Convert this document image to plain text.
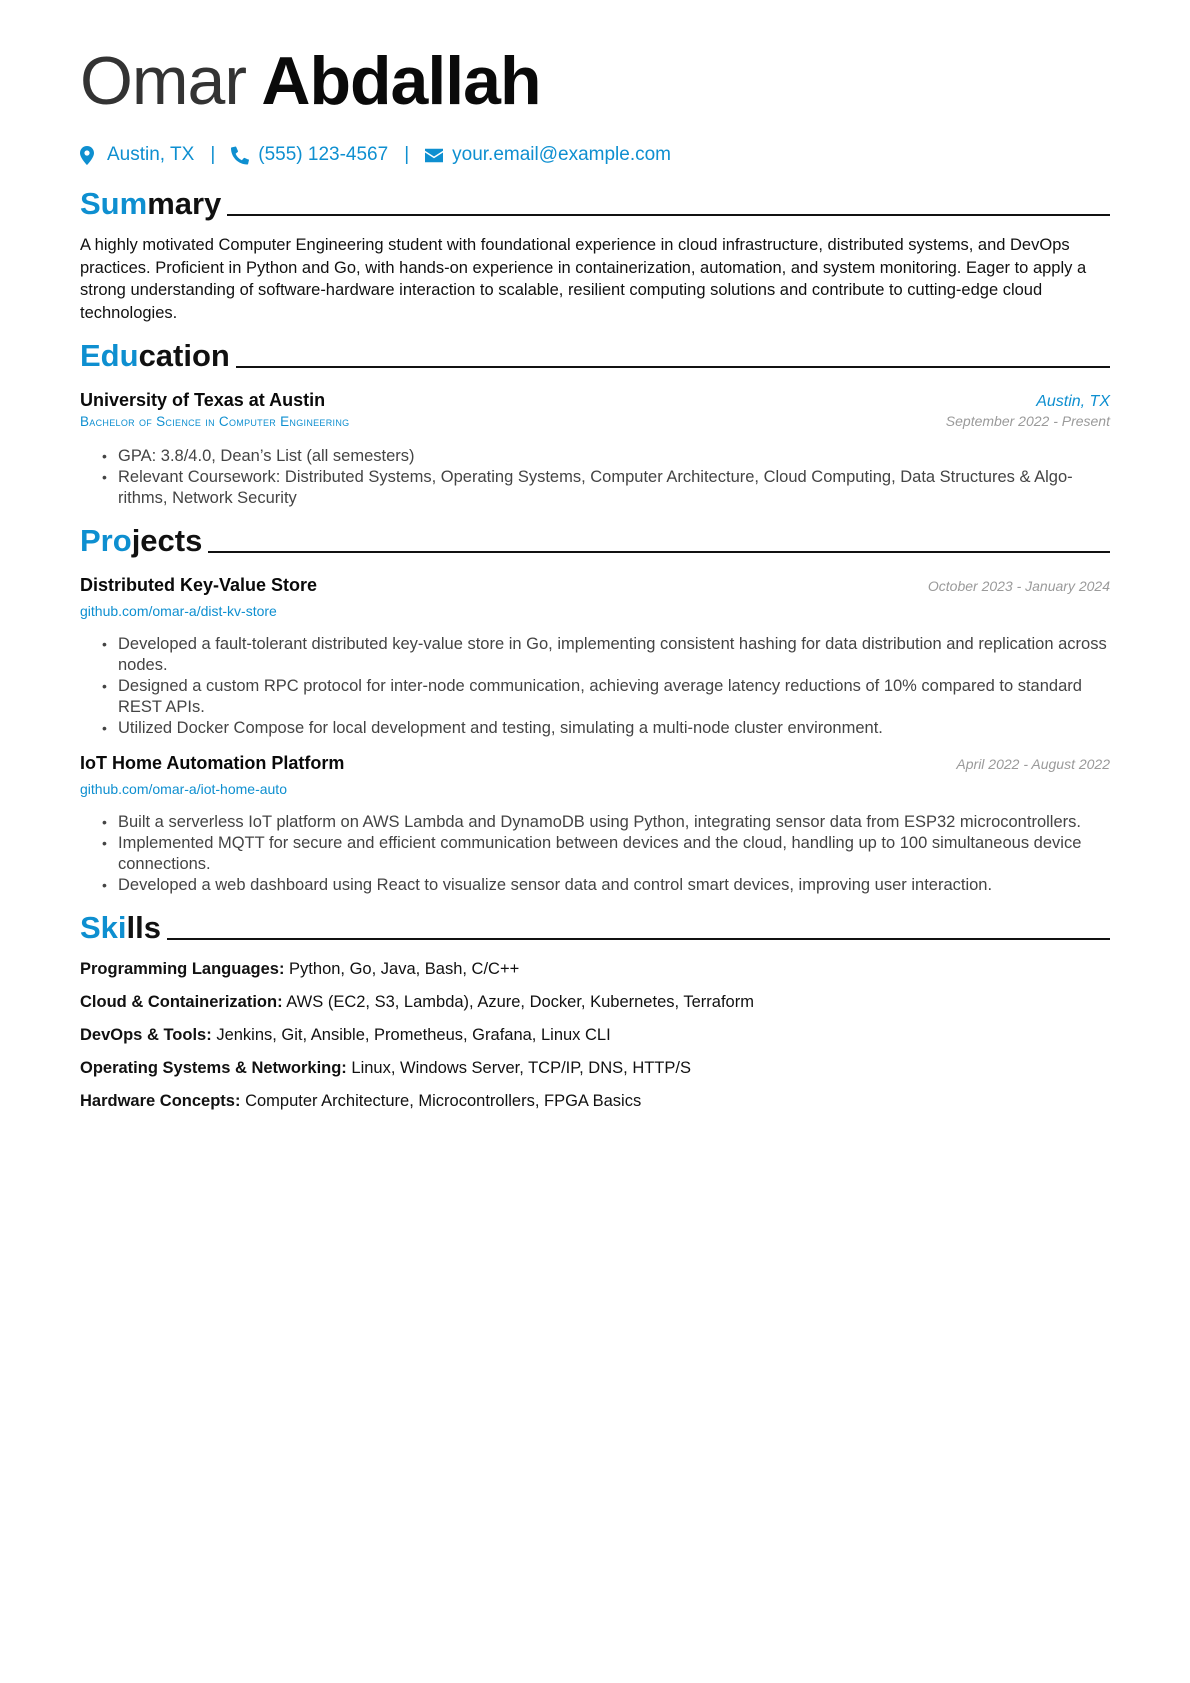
Omar Abdallah
Austin, TX | (555) 123-4567 | your.email@example.com
Summary

A highly motivated Computer Engineering student with foundational experience in cloud infrastructure, distributed systems, and DevOps practices. Proficient in Python and Go, with hands-on experience in containerization, automation, and system monitoring. Eager to apply a strong understanding of software-hardware interaction to scalable, resilient computing solutions and contribute to cutting-edge cloud technologies.

Education
University of Texas at Austin	Austin, TX
Bachelor of Science in Computer Engineering	September 2022 - Present
• GPA: 3.8/4.0, Dean’s List (all semesters)
• Relevant Coursework: Distributed Systems, Operating Systems, Computer Architecture, Cloud Computing, Data Structures & Algo-rithms, Network Security
Projects
Distributed Key-Value Store	October 2023 - January 2024
github.com/omar-a/dist-kv-store
• Developed a fault-tolerant distributed key-value store in Go, implementing consistent hashing for data distribution and replication across nodes.
• Designed a custom RPC protocol for inter-node communication, achieving average latency reductions of 10% compared to standard REST APIs.
• Utilized Docker Compose for local development and testing, simulating a multi-node cluster environment.
IoT Home Automation Platform	April 2022 - August 2022
github.com/omar-a/iot-home-auto
• Built a serverless IoT platform on AWS Lambda and DynamoDB using Python, integrating sensor data from ESP32 microcontrollers.
• Implemented MQTT for secure and efficient communication between devices and the cloud, handling up to 100 simultaneous device connections.
• Developed a web dashboard using React to visualize sensor data and control smart devices, improving user interaction.
Skills
Programming Languages: Python, Go, Java, Bash, C/C++
Cloud & Containerization: AWS (EC2, S3, Lambda), Azure, Docker, Kubernetes, Terraform
DevOps & Tools: Jenkins, Git, Ansible, Prometheus, Grafana, Linux CLI
Operating Systems & Networking: Linux, Windows Server, TCP/IP, DNS, HTTP/S
Hardware Concepts: Computer Architecture, Microcontrollers, FPGA Basics
